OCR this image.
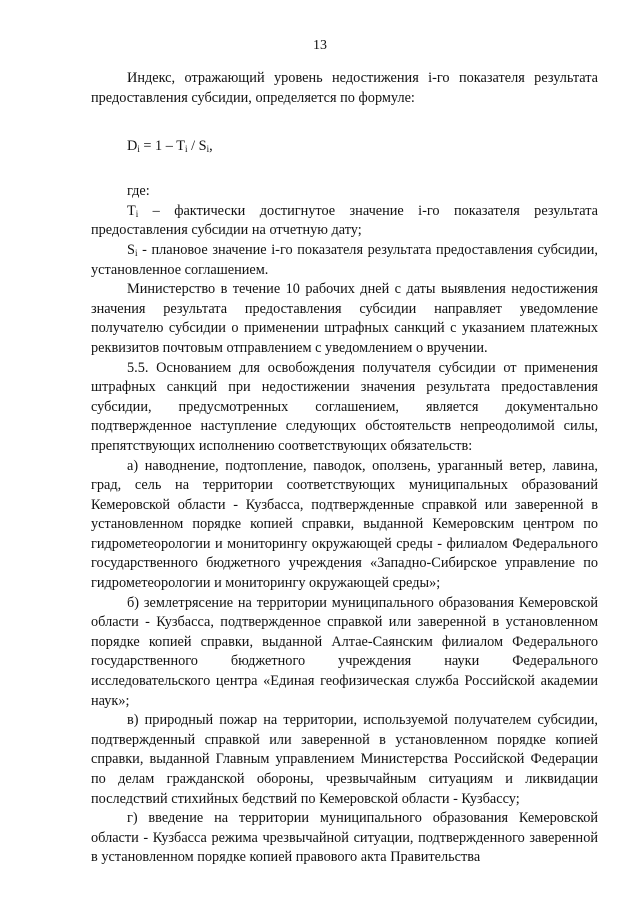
13

Индекс, отражающий уровень недостижения i-го показателя результата предоставления субсидии, определяется по формуле:

$D_i = 1 - T_i / S_i$,

где:

$T_i$ – фактически достигнутое значение i-го показателя результата предоставления субсидии на отчетную дату;

$S_i$ - плановое значение i-го показателя результата предоставления субсидии, установленное соглашением.

Министерство в течение 10 рабочих дней с даты выявления недостижения значения результата предоставления субсидии направляет уведомление получателю субсидии о применении штрафных санкций с указанием платежных реквизитов почтовым отправлением с уведомлением о вручении.

5.5. Основанием для освобождения получателя субсидии от применения штрафных санкций при недостижении значения результата предоставления субсидии, предусмотренных соглашением, является документально подтвержденное наступление следующих обстоятельств непреодолимой силы, препятствующих исполнению соответствующих обязательств:

а) наводнение, подтопление, паводок, оползень, ураганный ветер, лавина, град, сель на территории соответствующих муниципальных образований Кемеровской области - Кузбасса, подтвержденные справкой или заверенной в установленном порядке копией справки, выданной Кемеровским центром по гидрометеорологии и мониторингу окружающей среды - филиалом Федерального государственного бюджетного учреждения «Западно-Сибирское управление по гидрометеорологии и мониторингу окружающей среды»;

б) землетрясение на территории муниципального образования Кемеровской области - Кузбасса, подтвержденное справкой или заверенной в установленном порядке копией справки, выданной Алтае-Саянским филиалом Федерального государственного бюджетного учреждения науки Федерального исследовательского центра «Единая геофизическая служба Российской академии наук»;

в) природный пожар на территории, используемой получателем субсидии, подтвержденный справкой или заверенной в установленном порядке копией справки, выданной Главным управлением Министерства Российской Федерации по делам гражданской обороны, чрезвычайным ситуациям и ликвидации последствий стихийных бедствий по Кемеровской области - Кузбассу;

г) введение на территории муниципального образования Кемеровской области - Кузбасса режима чрезвычайной ситуации, подтвержденного заверенной в установленном порядке копией правового акта Правительства
